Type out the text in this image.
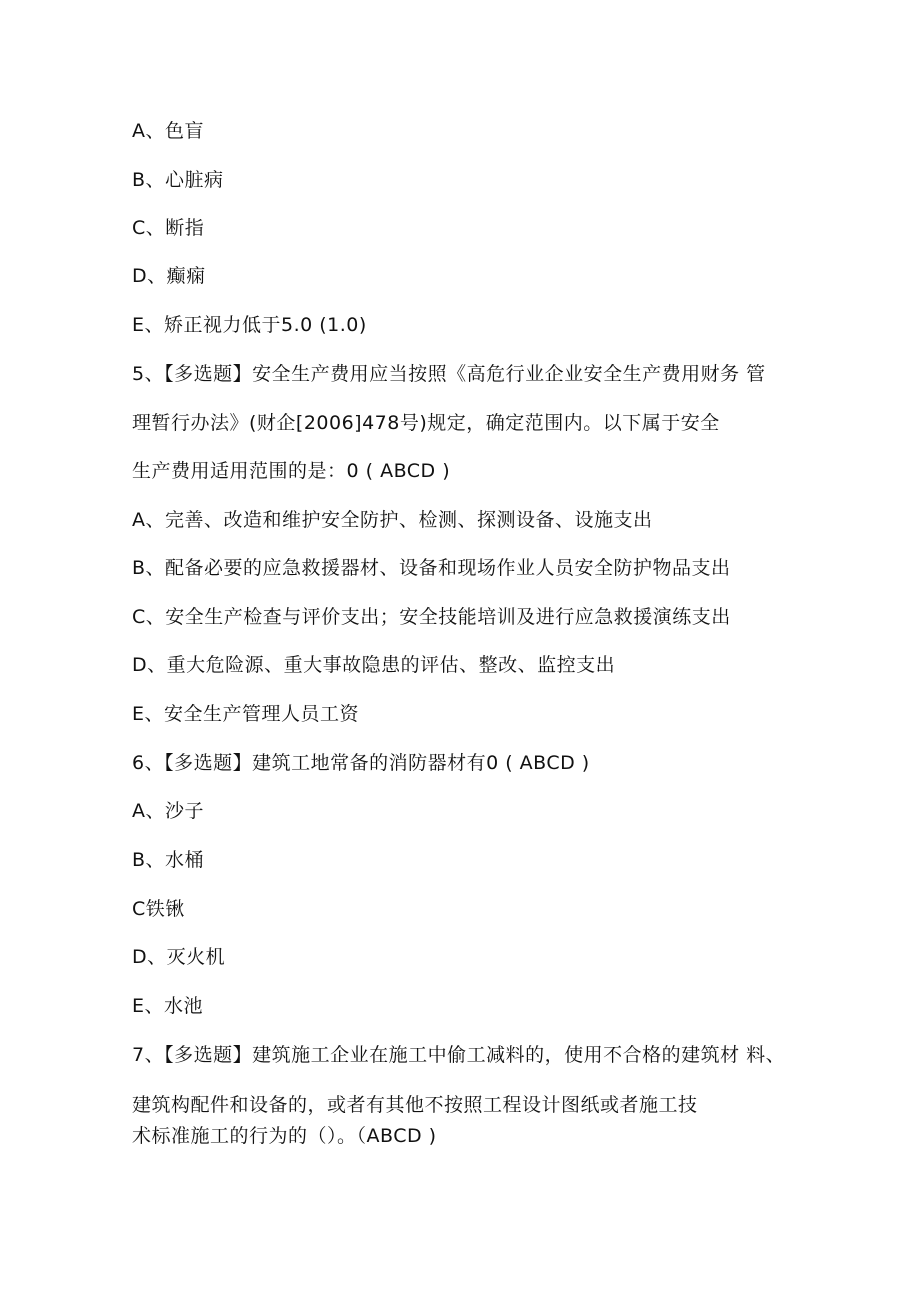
A、色盲
B、心脏病
C、断指
D、癫痫
E、矫正视力低于5.0 (1.0)
5、【多选题】安全生产费用应当按照《高危行业企业安全生产费用财务 管
理暂行办法》(财企[2006]478号)规定，确定范围内。以下属于安全
生产费用适用范围的是：0 ( ABCD )
A、完善、改造和维护安全防护、检测、探测设备、设施支出
B、配备必要的应急救援器材、设备和现场作业人员安全防护物品支出
C、安全生产检查与评价支出；安全技能培训及进行应急救援演练支出
D、重大危险源、重大事故隐患的评估、整改、监控支出
E、安全生产管理人员工资
6、【多选题】建筑工地常备的消防器材有0 ( ABCD )
A、沙子
B、水桶
C铁锹
D、灭火机
E、水池
7、【多选题】建筑施工企业在施工中偷工减料的，使用不合格的建筑材 料、
建筑构配件和设备的，或者有其他不按照工程设计图纸或者施工技
术标准施工的行为的（）。（ABCD )
